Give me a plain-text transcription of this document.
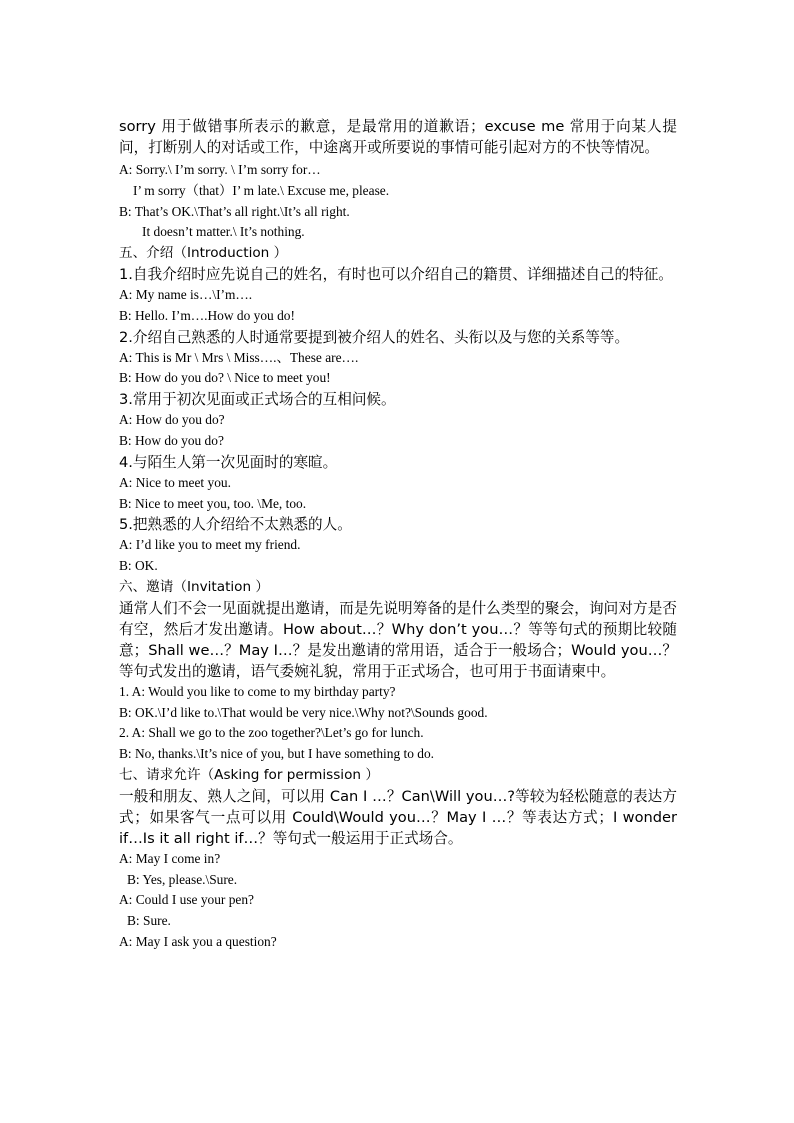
sorry 用于做错事所表示的歉意，是最常用的道歉语；excuse me 常用于向某人提问，打断别人的对话或工作，中途离开或所要说的事情可能引起对方的不快等情况。

A: Sorry.\ I’m sorry. \ I’m sorry for…

I’ m sorry（that）I’ m late.\ Excuse me, please.

B: That’s OK.\That’s all right.\It’s all right.

It doesn’t matter.\ It’s nothing.

五、介绍（Introduction ）

1.自我介绍时应先说自己的姓名，有时也可以介绍自己的籍贯、详细描述自己的特征。

A: My name is…\I’m….

B: Hello. I’m….How do you do!

2.介绍自己熟悉的人时通常要提到被介绍人的姓名、头衔以及与您的关系等等。

A: This is Mr \ Mrs \ Miss….、These are….

B: How do you do? \ Nice to meet you!

3.常用于初次见面或正式场合的互相问候。

A: How do you do?

B: How do you do?

4.与陌生人第一次见面时的寒暄。

A: Nice to meet you.

B: Nice to meet you, too. \Me, too.

5.把熟悉的人介绍给不太熟悉的人。

A: I’d like you to meet my friend.

B: OK.

六、邀请（Invitation ）

通常人们不会一见面就提出邀请，而是先说明筹备的是什么类型的聚会，询问对方是否有空，然后才发出邀请。How about…？Why don’t you…？等等句式的预期比较随意；Shall we…？May I…？是发出邀请的常用语，适合于一般场合；Would you…？等句式发出的邀请，语气委婉礼貌，常用于正式场合，也可用于书面请柬中。

1. A: Would you like to come to my birthday party?

B: OK.\I’d like to.\That would be very nice.\Why not?\Sounds good.

2. A: Shall we go to the zoo together?\Let’s go for lunch.

B: No, thanks.\It’s nice of you, but I have something to do.

七、请求允许（Asking for permission ）

一般和朋友、熟人之间，可以用 Can I …？Can\Will you…?等较为轻松随意的表达方式；如果客气一点可以用 Could\Would you…？May I …？等表达方式；I wonder if…Is it all right if…？等句式一般运用于正式场合。

A: May I come in?

B: Yes, please.\Sure.

A: Could I use your pen?

B: Sure.

A: May I ask you a question?
